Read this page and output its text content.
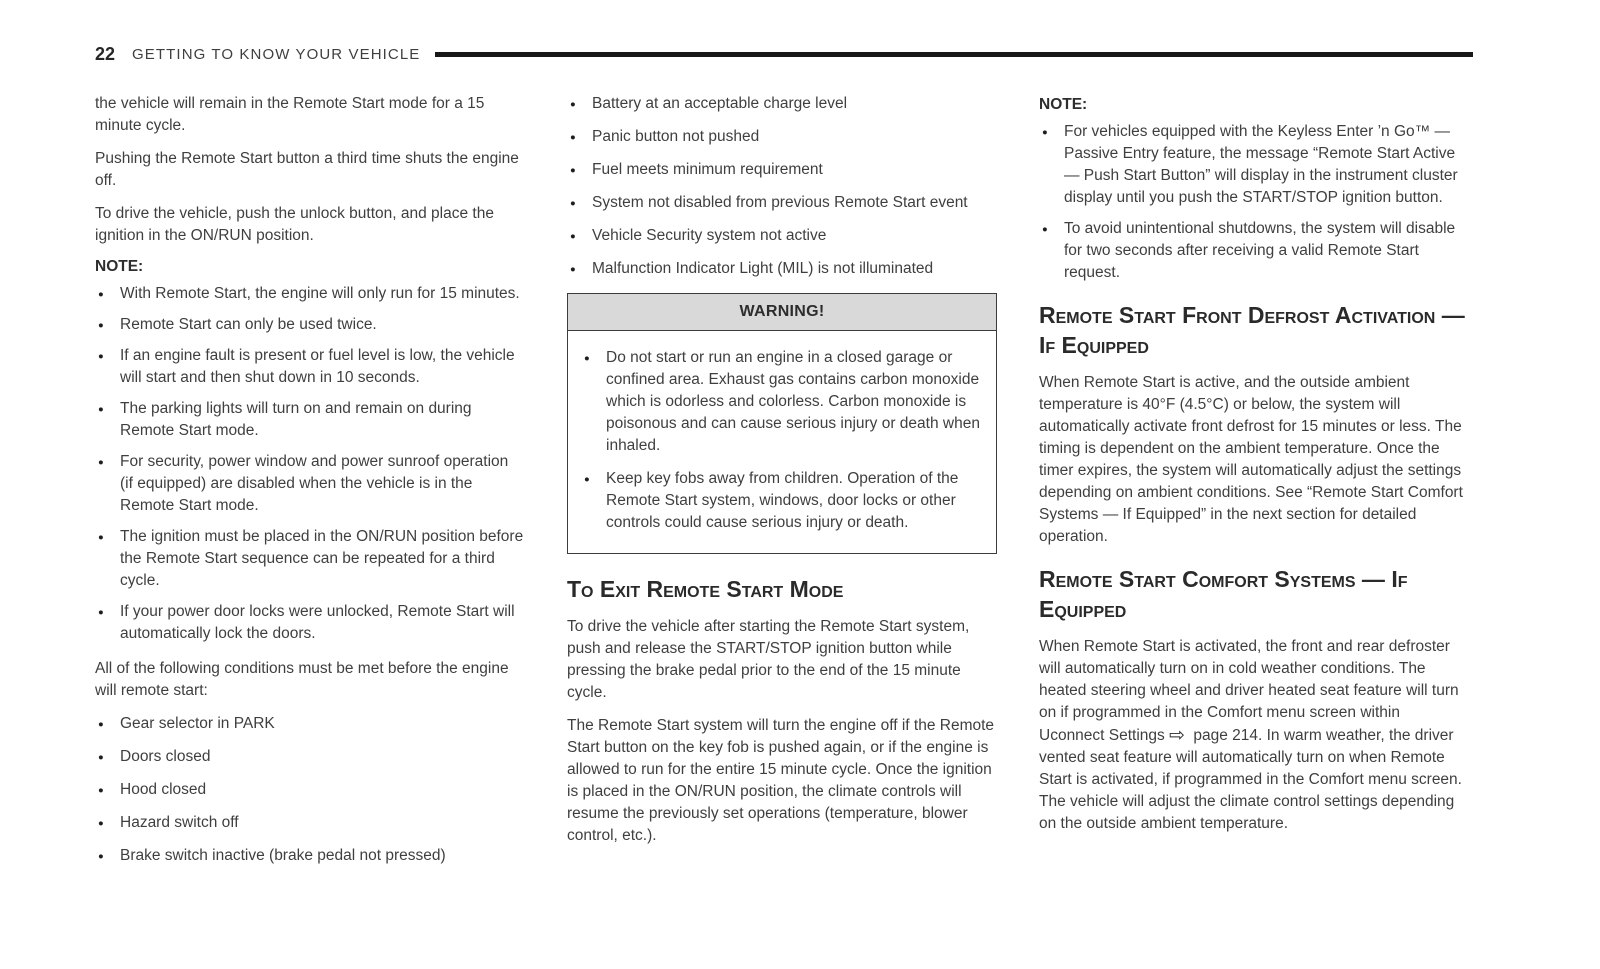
22 GETTING TO KNOW YOUR VEHICLE

the vehicle will remain in the Remote Start mode for a 15 minute cycle.

Pushing the Remote Start button a third time shuts the engine off.

To drive the vehicle, push the unlock button, and place the ignition in the ON/RUN position.

NOTE:

● With Remote Start, the engine will only run for 15 minutes.
● Remote Start can only be used twice.
● If an engine fault is present or fuel level is low, the vehicle will start and then shut down in 10 seconds.
● The parking lights will turn on and remain on during Remote Start mode.
● For security, power window and power sunroof operation (if equipped) are disabled when the vehicle is in the Remote Start mode.
● The ignition must be placed in the ON/RUN position before the Remote Start sequence can be repeated for a third cycle.
● If your power door locks were unlocked, Remote Start will automatically lock the doors.

All of the following conditions must be met before the engine will remote start:

● Gear selector in PARK
● Doors closed
● Hood closed
● Hazard switch off
● Brake switch inactive (brake pedal not pressed)
● Battery at an acceptable charge level
● Panic button not pushed
● Fuel meets minimum requirement
● System not disabled from previous Remote Start event
● Vehicle Security system not active
● Malfunction Indicator Light (MIL) is not illuminated
WARNING!
● Do not start or run an engine in a closed garage or confined area. Exhaust gas contains carbon monoxide which is odorless and colorless. Carbon monoxide is poisonous and can cause serious injury or death when inhaled.
● Keep key fobs away from children. Operation of the Remote Start system, windows, door locks or other controls could cause serious injury or death.
To Exit Remote Start Mode

To drive the vehicle after starting the Remote Start system, push and release the START/STOP ignition button while pressing the brake pedal prior to the end of the 15 minute cycle.

The Remote Start system will turn the engine off if the Remote Start button on the key fob is pushed again, or if the engine is allowed to run for the entire 15 minute cycle. Once the ignition is placed in the ON/RUN position, the climate controls will resume the previously set operations (temperature, blower control, etc.).

NOTE:

● For vehicles equipped with the Keyless Enter ’n Go™ — Passive Entry feature, the message “Remote Start Active — Push Start Button” will display in the instrument cluster display until you push the START/STOP ignition button.
● To avoid unintentional shutdowns, the system will disable for two seconds after receiving a valid Remote Start request.
Remote Start Front Defrost Activation — If Equipped

When Remote Start is active, and the outside ambient temperature is 40°F (4.5°C) or below, the system will automatically activate front defrost for 15 minutes or less. The timing is dependent on the ambient temperature. Once the timer expires, the system will automatically adjust the settings depending on ambient conditions. See “Remote Start Comfort Systems — If Equipped” in the next section for detailed operation.

Remote Start Comfort Systems — If Equipped

When Remote Start is activated, the front and rear defroster will automatically turn on in cold weather conditions. The heated steering wheel and driver heated seat feature will turn on if programmed in the Comfort menu screen within Uconnect Settings ⇨ page 214. In warm weather, the driver vented seat feature will automatically turn on when Remote Start is activated, if programmed in the Comfort menu screen. The vehicle will adjust the climate control settings depending on the outside ambient temperature.
